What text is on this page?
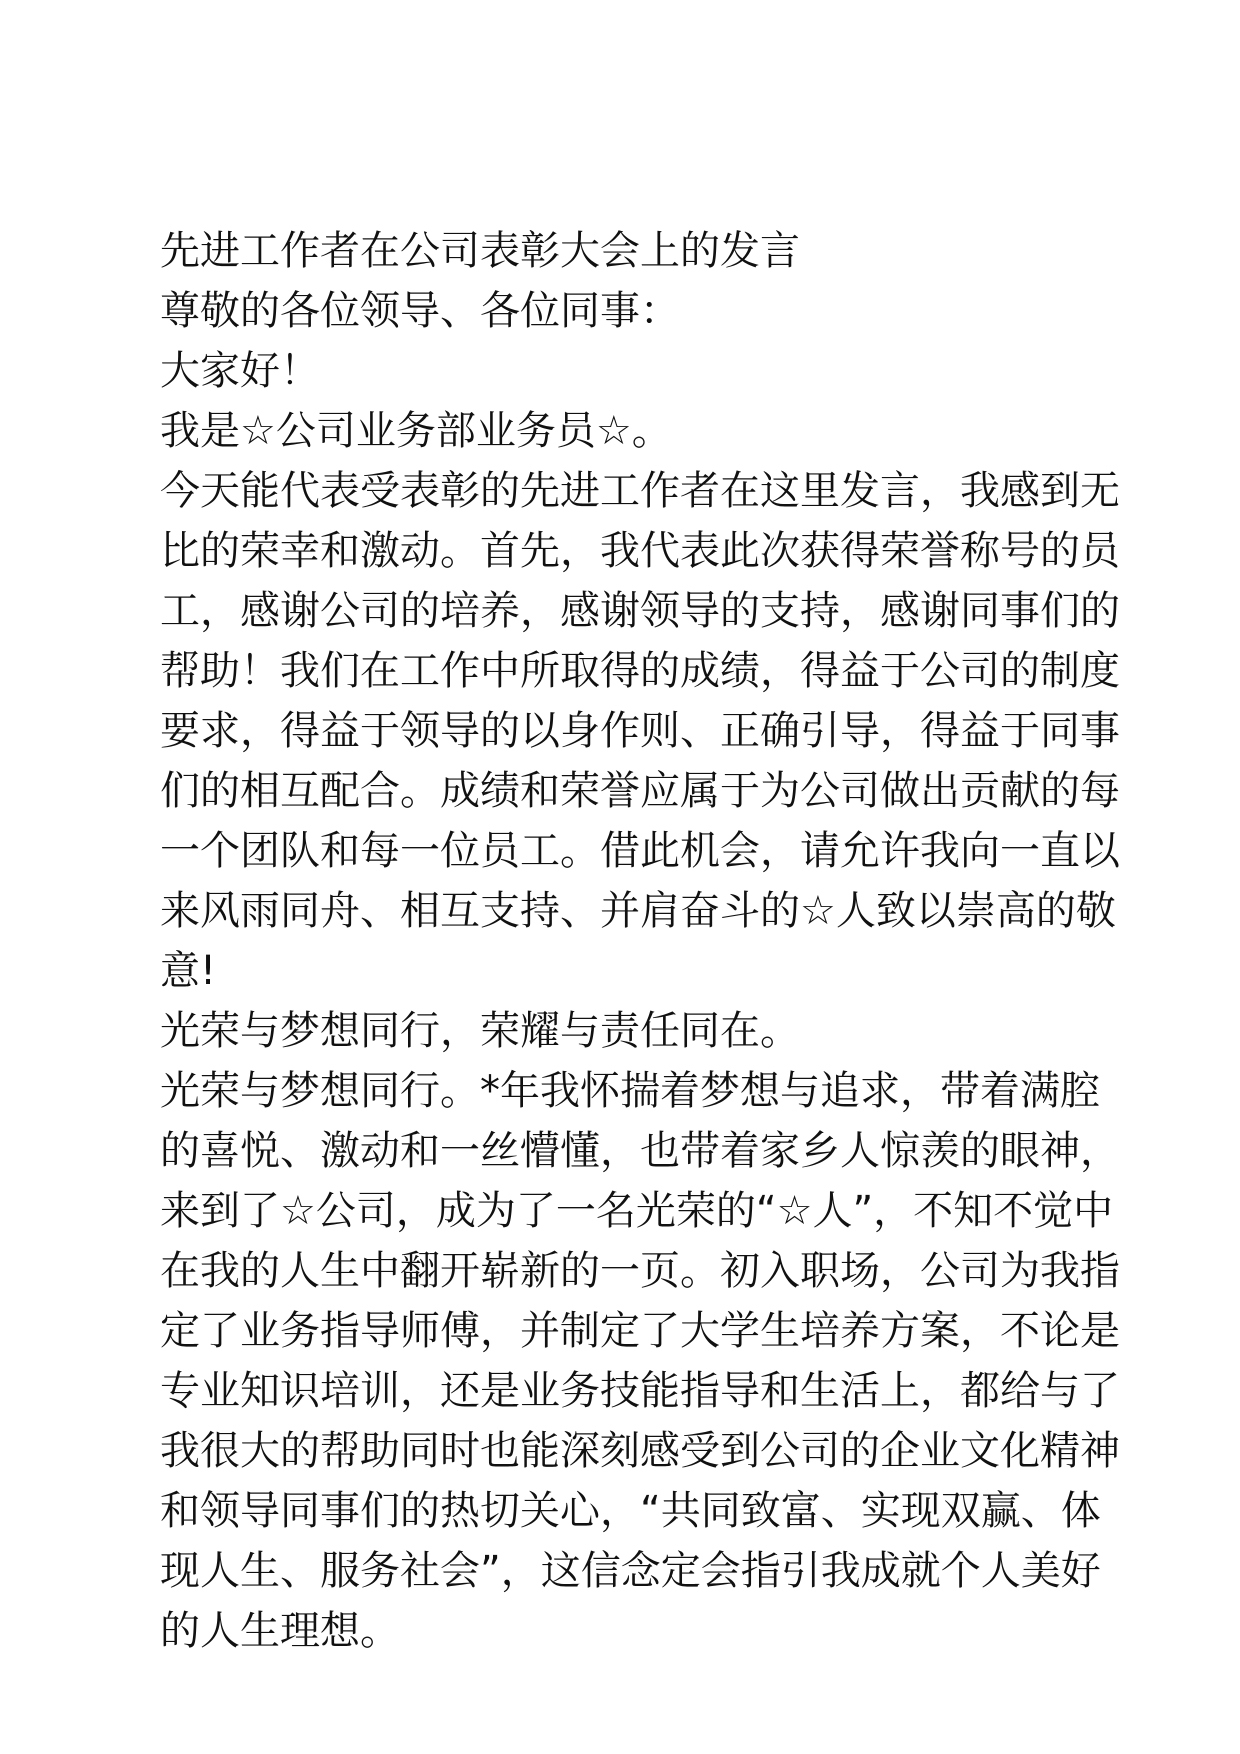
先进工作者在公司表彰大会上的发言

尊敬的各位领导、各位同事：

大家好！

我是☆公司业务部业务员☆。

今天能代表受表彰的先进工作者在这里发言，我感到无比的荣幸和激动。首先，我代表此次获得荣誉称号的员工，感谢公司的培养，感谢领导的支持，感谢同事们的帮助！我们在工作中所取得的成绩，得益于公司的制度要求，得益于领导的以身作则、正确引导，得益于同事们的相互配合。成绩和荣誉应属于为公司做出贡献的每一个团队和每一位员工。借此机会，请允许我向一直以来风雨同舟、相互支持、并肩奋斗的☆人致以崇高的敬意!

光荣与梦想同行，荣耀与责任同在。

光荣与梦想同行。*年我怀揣着梦想与追求，带着满腔的喜悦、激动和一丝懵懂，也带着家乡人惊羡的眼神，来到了☆公司，成为了一名光荣的“☆人”，不知不觉中在我的人生中翻开崭新的一页。初入职场，公司为我指定了业务指导师傅，并制定了大学生培养方案，不论是专业知识培训，还是业务技能指导和生活上，都给与了我很大的帮助同时也能深刻感受到公司的企业文化精神和领导同事们的热切关心，“共同致富、实现双赢、体现人生、服务社会”，这信念定会指引我成就个人美好的人生理想。
